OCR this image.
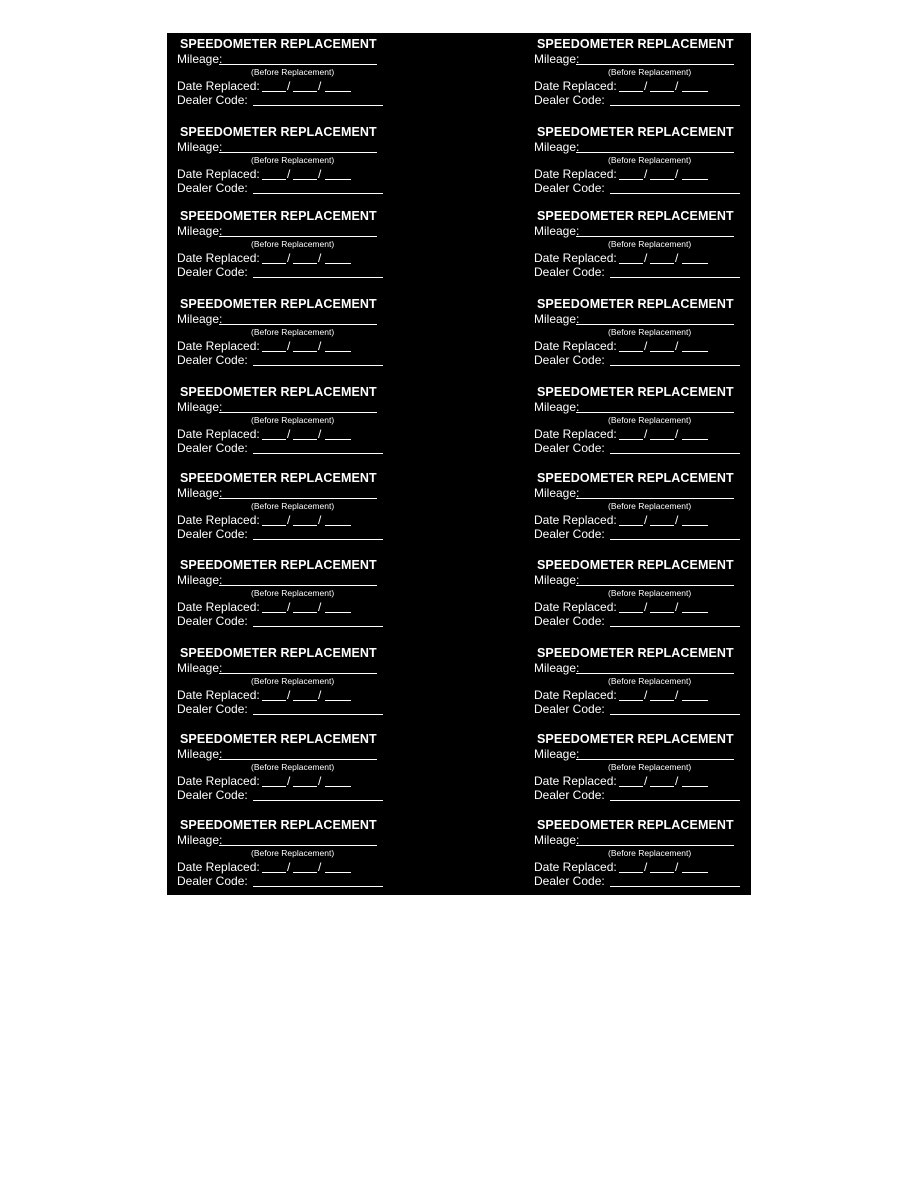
SPEEDOMETER REPLACEMENT
Mileage:
(Before Replacement)
Date Replaced: / /
Dealer Code:
SPEEDOMETER REPLACEMENT
Mileage:
(Before Replacement)
Date Replaced: / /
Dealer Code:
SPEEDOMETER REPLACEMENT
Mileage:
(Before Replacement)
Date Replaced: / /
Dealer Code:
SPEEDOMETER REPLACEMENT
Mileage:
(Before Replacement)
Date Replaced: / /
Dealer Code:
SPEEDOMETER REPLACEMENT
Mileage:
(Before Replacement)
Date Replaced: / /
Dealer Code:
SPEEDOMETER REPLACEMENT
Mileage:
(Before Replacement)
Date Replaced: / /
Dealer Code:
SPEEDOMETER REPLACEMENT
Mileage:
(Before Replacement)
Date Replaced: / /
Dealer Code:
SPEEDOMETER REPLACEMENT
Mileage:
(Before Replacement)
Date Replaced: / /
Dealer Code:
SPEEDOMETER REPLACEMENT
Mileage:
(Before Replacement)
Date Replaced: / /
Dealer Code:
SPEEDOMETER REPLACEMENT
Mileage:
(Before Replacement)
Date Replaced: / /
Dealer Code:
SPEEDOMETER REPLACEMENT
Mileage:
(Before Replacement)
Date Replaced: / /
Dealer Code:
SPEEDOMETER REPLACEMENT
Mileage:
(Before Replacement)
Date Replaced: / /
Dealer Code:
SPEEDOMETER REPLACEMENT
Mileage:
(Before Replacement)
Date Replaced: / /
Dealer Code:
SPEEDOMETER REPLACEMENT
Mileage:
(Before Replacement)
Date Replaced: / /
Dealer Code:
SPEEDOMETER REPLACEMENT
Mileage:
(Before Replacement)
Date Replaced: / /
Dealer Code:
SPEEDOMETER REPLACEMENT
Mileage:
(Before Replacement)
Date Replaced: / /
Dealer Code:
SPEEDOMETER REPLACEMENT
Mileage:
(Before Replacement)
Date Replaced: / /
Dealer Code:
SPEEDOMETER REPLACEMENT
Mileage:
(Before Replacement)
Date Replaced: / /
Dealer Code:
SPEEDOMETER REPLACEMENT
Mileage:
(Before Replacement)
Date Replaced: / /
Dealer Code:
SPEEDOMETER REPLACEMENT
Mileage:
(Before Replacement)
Date Replaced: / /
Dealer Code:
